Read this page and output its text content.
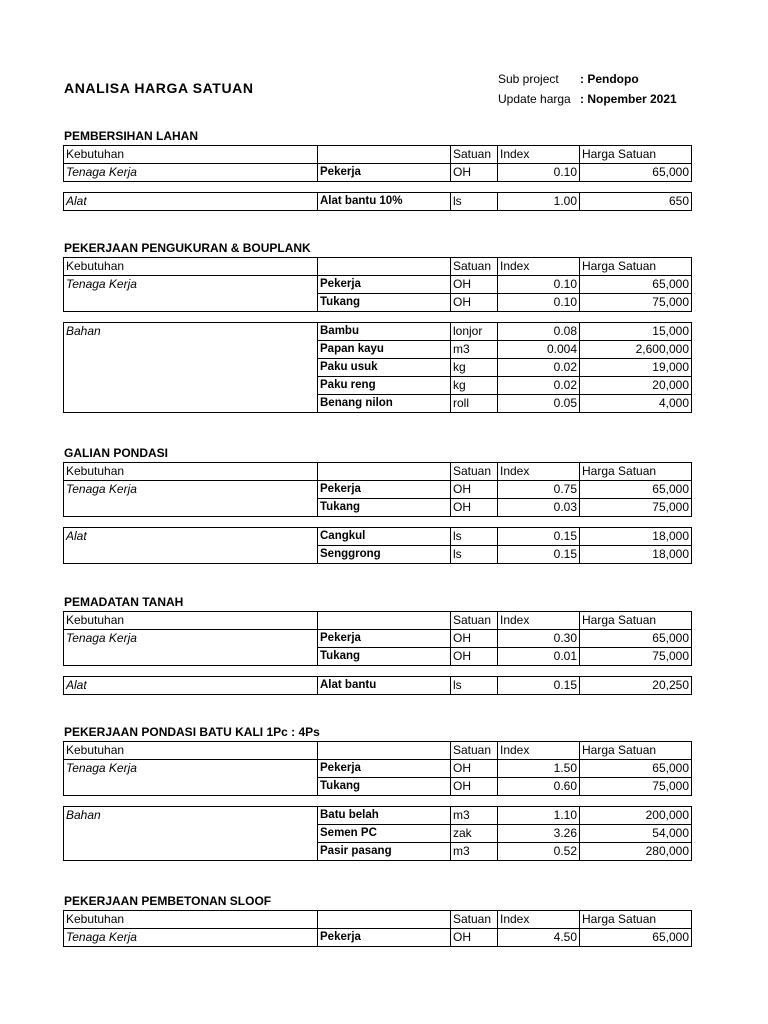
ANALISA HARGA SATUAN
Sub project : Pendopo
Update harga : Nopember 2021
PEMBERSIHAN LAHAN
Kebutuhan		Satuan	Index	Harga Satuan
Tenaga Kerja	Pekerja	OH	0.10	65,000
Alat	Alat bantu 10%	ls	1.00	650
PEKERJAAN PENGUKURAN & BOUPLANK
Kebutuhan		Satuan	Index	Harga Satuan
Tenaga Kerja	Pekerja	OH	0.10	65,000
	Tukang	OH	0.10	75,000
Bahan	Bambu	lonjor	0.08	15,000
	Papan kayu	m3	0.004	2,600,000
	Paku usuk	kg	0.02	19,000
	Paku reng	kg	0.02	20,000
	Benang nilon	roll	0.05	4,000
GALIAN PONDASI
Kebutuhan		Satuan	Index	Harga Satuan
Tenaga Kerja	Pekerja	OH	0.75	65,000
	Tukang	OH	0.03	75,000
Alat	Cangkul	ls	0.15	18,000
	Senggrong	ls	0.15	18,000
PEMADATAN TANAH
Kebutuhan		Satuan	Index	Harga Satuan
Tenaga Kerja	Pekerja	OH	0.30	65,000
	Tukang	OH	0.01	75,000
Alat	Alat bantu	ls	0.15	20,250
PEKERJAAN PONDASI BATU KALI 1Pc : 4Ps
Kebutuhan		Satuan	Index	Harga Satuan
Tenaga Kerja	Pekerja	OH	1.50	65,000
	Tukang	OH	0.60	75,000
Bahan	Batu belah	m3	1.10	200,000
	Semen PC	zak	3.26	54,000
	Pasir pasang	m3	0.52	280,000
PEKERJAAN PEMBETONAN SLOOF
Kebutuhan		Satuan	Index	Harga Satuan
Tenaga Kerja	Pekerja	OH	4.50	65,000
